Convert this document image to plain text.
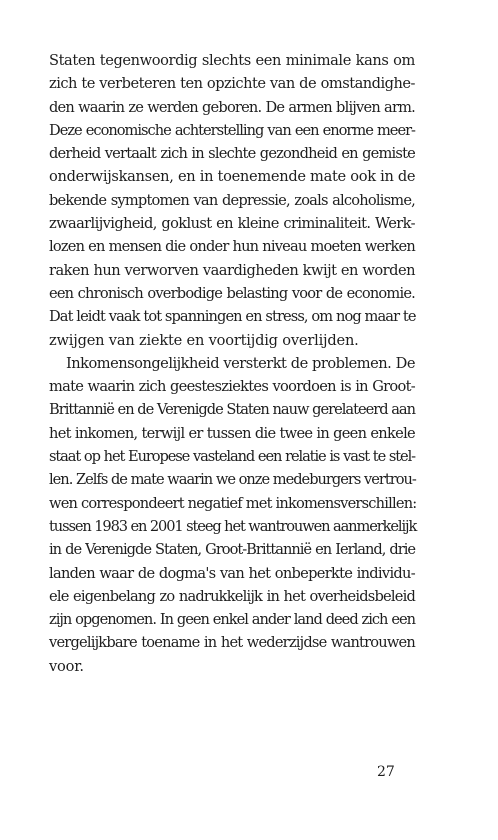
Staten tegenwoordig slechts een minimale kans om
zich te verbeteren ten opzichte van de omstandighe-
den waarin ze werden geboren. De armen blijven arm.
Deze economische achterstelling van een enorme meer-
derheid vertaalt zich in slechte gezondheid en gemiste
onderwijskansen, en in toenemende mate ook in de
bekende symptomen van depressie, zoals alcoholisme,
zwaarlijvigheid, goklust en kleine criminaliteit. Werk-
lozen en mensen die onder hun niveau moeten werken
raken hun verworven vaardigheden kwijt en worden
een chronisch overbodige belasting voor de economie.
Dat leidt vaak tot spanningen en stress, om nog maar te
zwijgen van ziekte en voortijdig overlijden.
Inkomensongelijkheid versterkt de problemen. De
mate waarin zich geestesziektes voordoen is in Groot-
Brittannië en de Verenigde Staten nauw gerelateerd aan
het inkomen, terwijl er tussen die twee in geen enkele
staat op het Europese vasteland een relatie is vast te stel-
len. Zelfs de mate waarin we onze medeburgers vertrou-
wen correspondeert negatief met inkomensverschillen:
tussen 1983 en 2001 steeg het wantrouwen aanmerkelijk
in de Verenigde Staten, Groot-Brittannië en Ierland, drie
landen waar de dogma's van het onbeperkte individu-
ele eigenbelang zo nadrukkelijk in het overheidsbeleid
zijn opgenomen. In geen enkel ander land deed zich een
vergelijkbare toename in het wederzijdse wantrouwen
voor.
27
